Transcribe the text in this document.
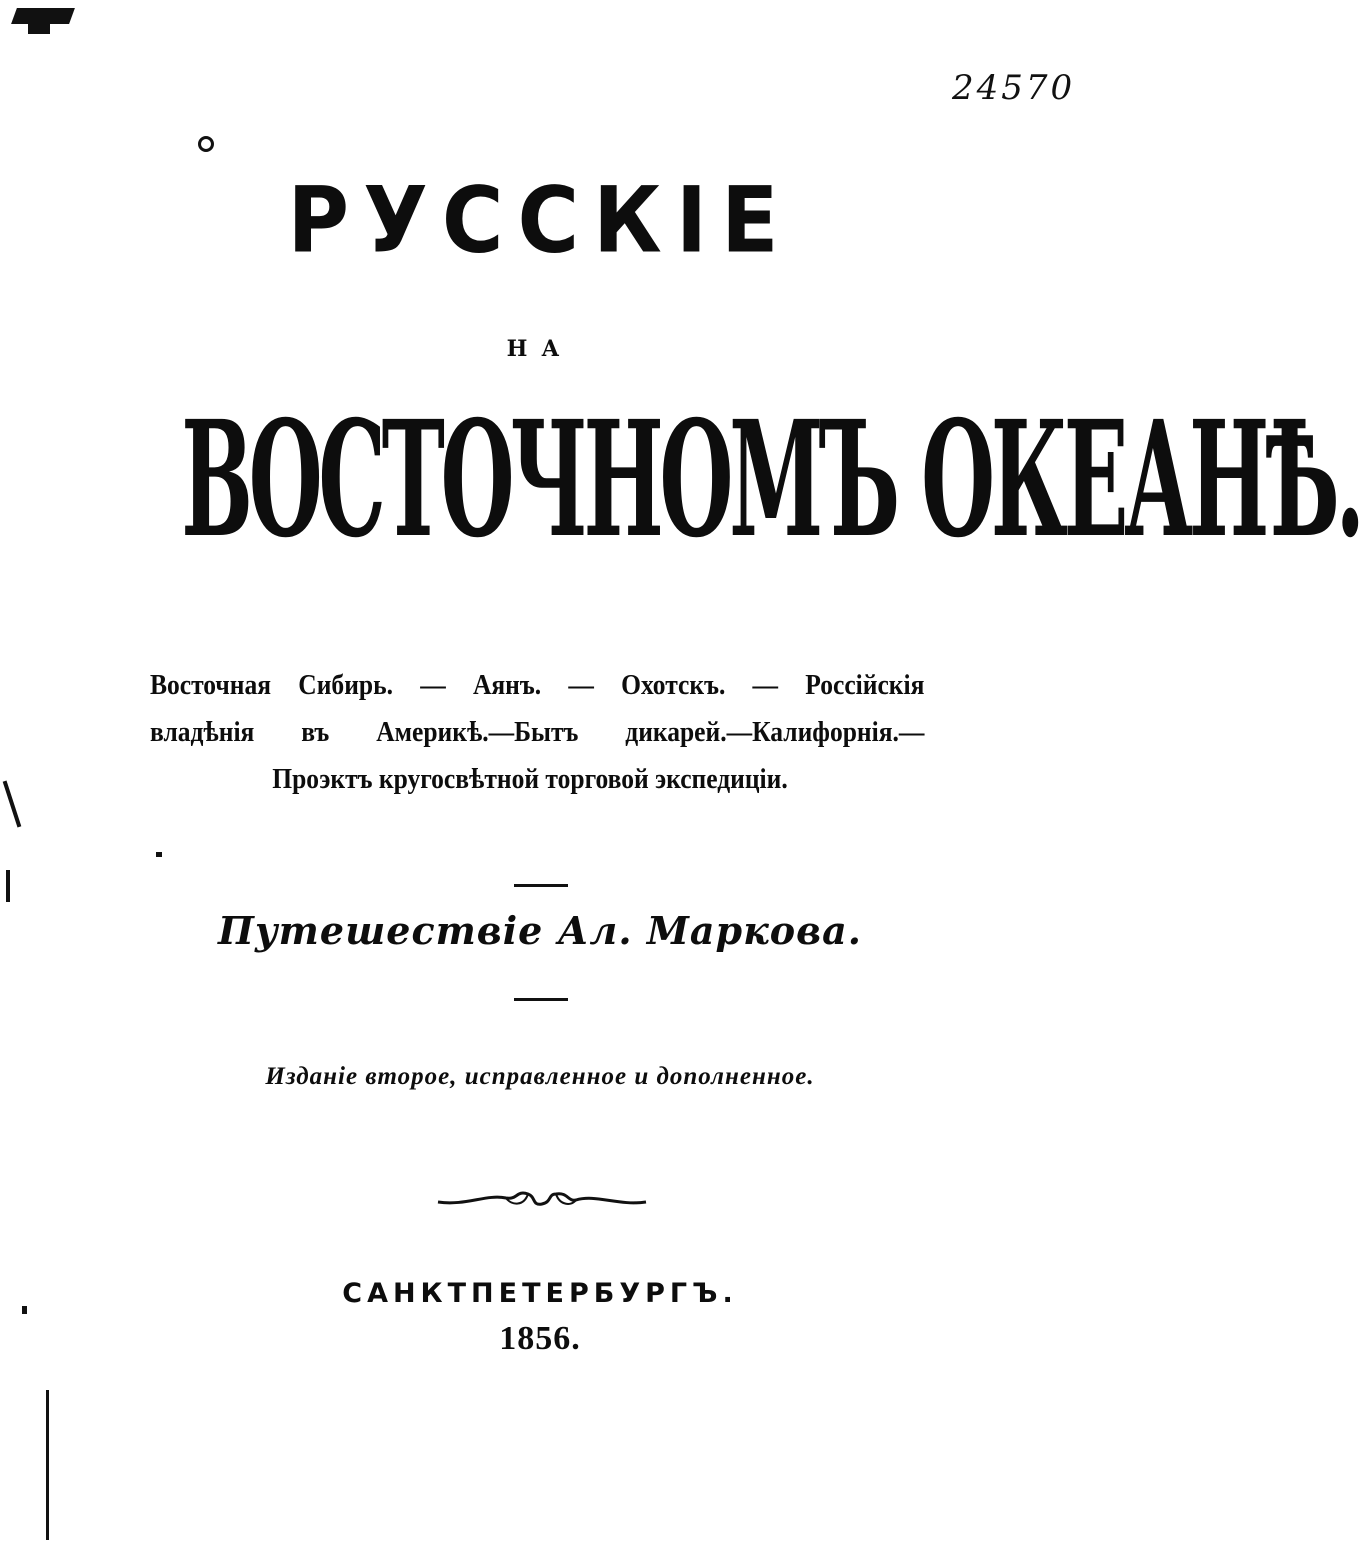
24570
РУССКІЕ
НА
ВОСТОЧНОМЪ ОКЕАНѢ.
Восточная Сибирь. — Аянъ. — Охотскъ. — Россійскія
владѣнія въ Америкѣ.—Бытъ дикарей.—Калифорнія.—
Проэктъ кругосвѣтной торговой экспедиціи.
Путешествіе Ал. Маркова.
Изданіе второе, исправленное и дополненное.
САНКТПЕТЕРБУРГЪ.
1856.
